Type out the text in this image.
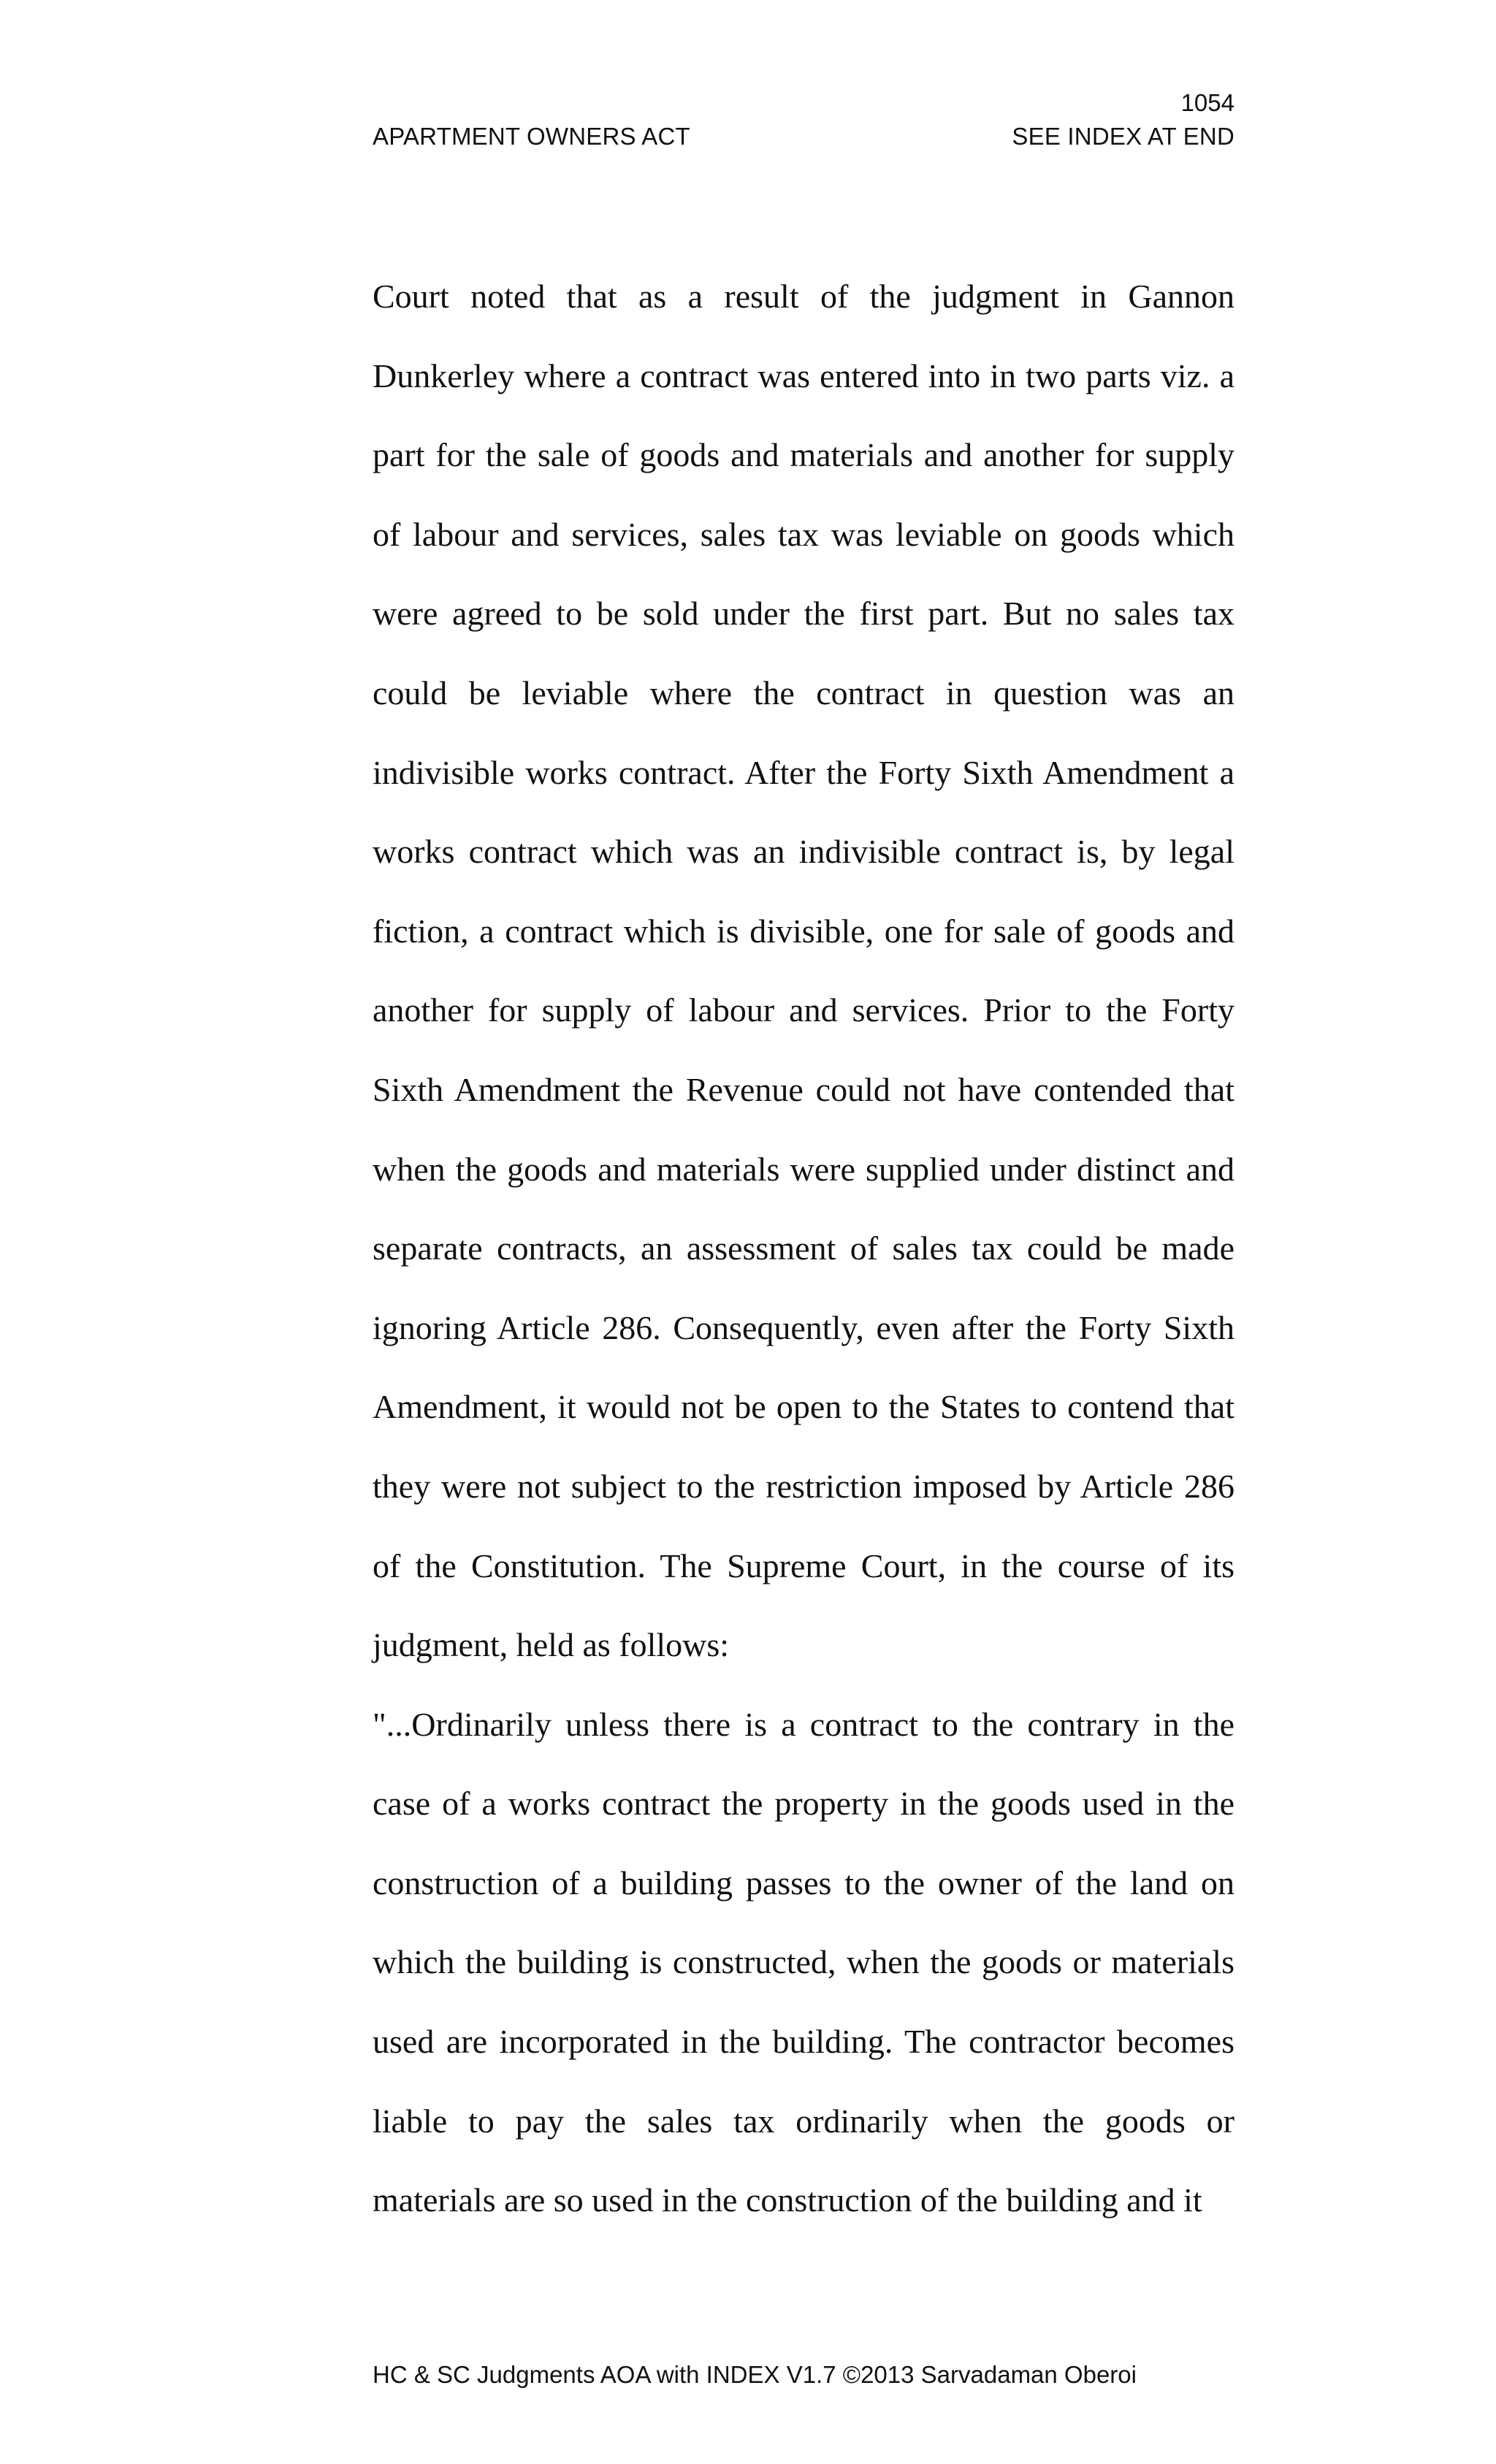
1054
APARTMENT OWNERS ACT	SEE INDEX AT END

Court noted that as a result of the judgment in Gannon Dunkerley where a contract was entered into in two parts viz. a part for the sale of goods and materials and another for supply of labour and services, sales tax was leviable on goods which were agreed to be sold under the first part. But no sales tax could be leviable where the contract in question was an indivisible works contract. After the Forty Sixth Amendment a works contract which was an indivisible contract is, by legal fiction, a contract which is divisible, one for sale of goods and another for supply of labour and services. Prior to the Forty Sixth Amendment the Revenue could not have contended that when the goods and materials were supplied under distinct and separate contracts, an assessment of sales tax could be made ignoring Article 286. Consequently, even after the Forty Sixth Amendment, it would not be open to the States to contend that they were not subject to the restriction imposed by Article 286 of the Constitution. The Supreme Court, in the course of its judgment, held as follows:

"...Ordinarily unless there is a contract to the contrary in the case of a works contract the property in the goods used in the construction of a building passes to the owner of the land on which the building is constructed, when the goods or materials used are incorporated in the building. The contractor becomes liable to pay the sales tax ordinarily when the goods or materials are so used in the construction of the building and it

HC & SC Judgments AOA with INDEX V1.7 ©2013 Sarvadaman Oberoi
